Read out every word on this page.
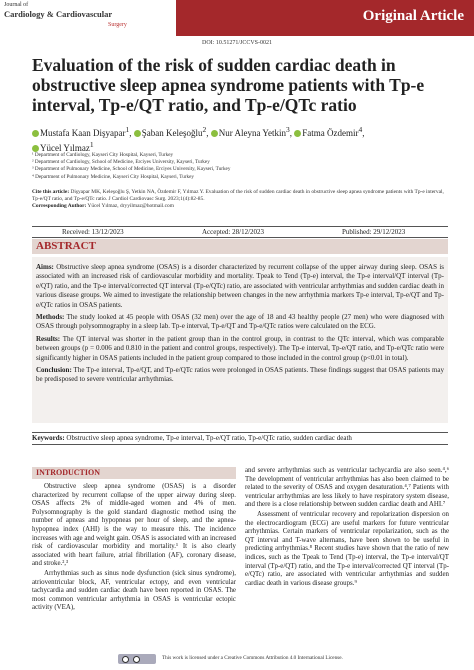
Journal of
Cardiology & Cardiovascular
Surgery
Original Article
DOI: 10.51271/JCCVS-0021
Evaluation of the risk of sudden cardiac death in obstructive sleep apnea syndrome patients with Tp-e interval, Tp-e/QT ratio, and Tp-e/QTc ratio
Mustafa Kaan Dişyapar$^1$, Şaban Keleşoğlu$^2$, Nur Aleyna Yetkin$^3$, Fatma Özdemir$^4$,
Yücel Yılmaz$^1$
¹ Department of Cardiology, Kayseri City Hospital, Kayseri, Turkey
² Department of Cardiology, School of Medicine, Erciyes University, Kayseri, Turkey
³ Department of Pulmonary Medicine, School of Medicine, Erciyes University, Kayseri, Turkey
⁴ Department of Pulmonary Medicine, Kayseri City Hospital, Kayseri, Turkey
Cite this article: Dişyapar MK, Keleşoğlu Ş, Yetkin NA, Özdemir F, Yılmaz Y. Evaluation of the risk of sudden cardiac death in obstructive sleep apnea syndrome patients with Tp-e interval, Tp-e/QT ratio, and Tp-e/QTc ratio. J Cardiol Cardiovasc Surg. 2023;1(4):82-85.
Corresponding Author: Yücel Yılmaz, dryyilmaz@hotmail.com
Received: 13/12/2023	Accepted: 28/12/2023	Published: 29/12/2023
ABSTRACT

Aims: Obstructive sleep apnea syndrome (OSAS) is a disorder characterized by recurrent collapse of the upper airway during sleep. OSAS is associated with an increased risk of cardiovascular morbidity and mortality. Tpeak to Tend (Tp-e) interval, the Tp-e interval/QT interval (Tp-e/QT) ratio, and the Tp-e interval/corrected QT interval (Tp-e/QTc) ratio, are associated with ventricular arrhythmias and sudden cardiac death in various disease groups. We aimed to investigate the relationship between changes in the new arrhythmia markers Tp-e interval, Tp-e/QT and Tp-e/QTc ratios in OSAS patients.

Methods: The study looked at 45 people with OSAS (32 men) over the age of 18 and 43 healthy people (27 men) who were diagnosed with OSAS through polysomnography in a sleep lab. Tp-e interval, Tp-e/QT and Tp-e/QTc ratios were calculated on the ECG.

Results: The QT interval was shorter in the patient group than in the control group, in contrast to the QTc interval, which was comparable between groups (p = 0.006 and 0.810 in the patient and control groups, respectively). The Tp-e interval, Tp-e/QT ratio, and Tp-e/QTc ratio were significantly higher in OSAS patients included in the patient group compared to those included in the control group (p<0.01 in total).

Conclusion: The Tp-e interval, Tp-e/QT, and Tp-e/QTc ratios were prolonged in OSAS patients. These findings suggest that OSAS patients may be predisposed to severe ventricular arrhythmias.

Keywords: Obstructive sleep apnea syndrome, Tp-e interval, Tp-e/QT ratio, Tp-e/QTc ratio, sudden cardiac death
INTRODUCTION

Obstructive sleep apnea syndrome (OSAS) is a disorder characterized by recurrent collapse of the upper airway during sleep. OSAS affects 2% of middle-aged women and 4% of men. Polysomnography is the gold standard diagnostic method using the number of apneas and hypopneas per hour of sleep, and the apnea-hypopnea index (AHI) is the way to measure this. The incidence increases with age and weight gain. OSAS is associated with an increased risk of cardiovascular morbidity and mortality.¹ It is also clearly associated with heart failure, atrial fibrillation (AF), coronary disease, and stroke.²,³

Arrhythmias such as sinus node dysfunction (sick sinus syndrome), atrioventricular block, AF, ventricular ectopy, and even ventricular tachycardia and sudden cardiac death have been reported in OSAS. The most common ventricular arrhythmia in OSAS is ventricular ectopic activity (VEA),

and severe arrhythmias such as ventricular tachycardia are also seen.⁴,⁶ The development of ventricular arrhythmias has also been claimed to be related to the severity of OSAS and oxygen desaturation.⁴,⁷ Patients with ventricular arrhythmias are less likely to have respiratory system disease, and there is a close relationship between sudden cardiac death and AHI.⁷

Assessment of ventricular recovery and repolarization dispersion on the electrocardiogram (ECG) are useful markers for future ventricular arrhythmias. Certain markers of ventricular repolarization, such as the QT interval and T-wave alternans, have been shown to be useful in predicting arrhythmias.⁸ Recent studies have shown that the ratio of new indices, such as the Tpeak to Tend (Tp-e) interval, the Tp-e interval/QT interval (Tp-e/QT) ratio, and the Tp-e interval/corrected QT interval (Tp-e/QTc) ratio, are associated with ventricular arrhythmias and sudden cardiac death in various disease groups.⁹

This work is licensed under a Creative Commons Attribution 4.0 International License.
